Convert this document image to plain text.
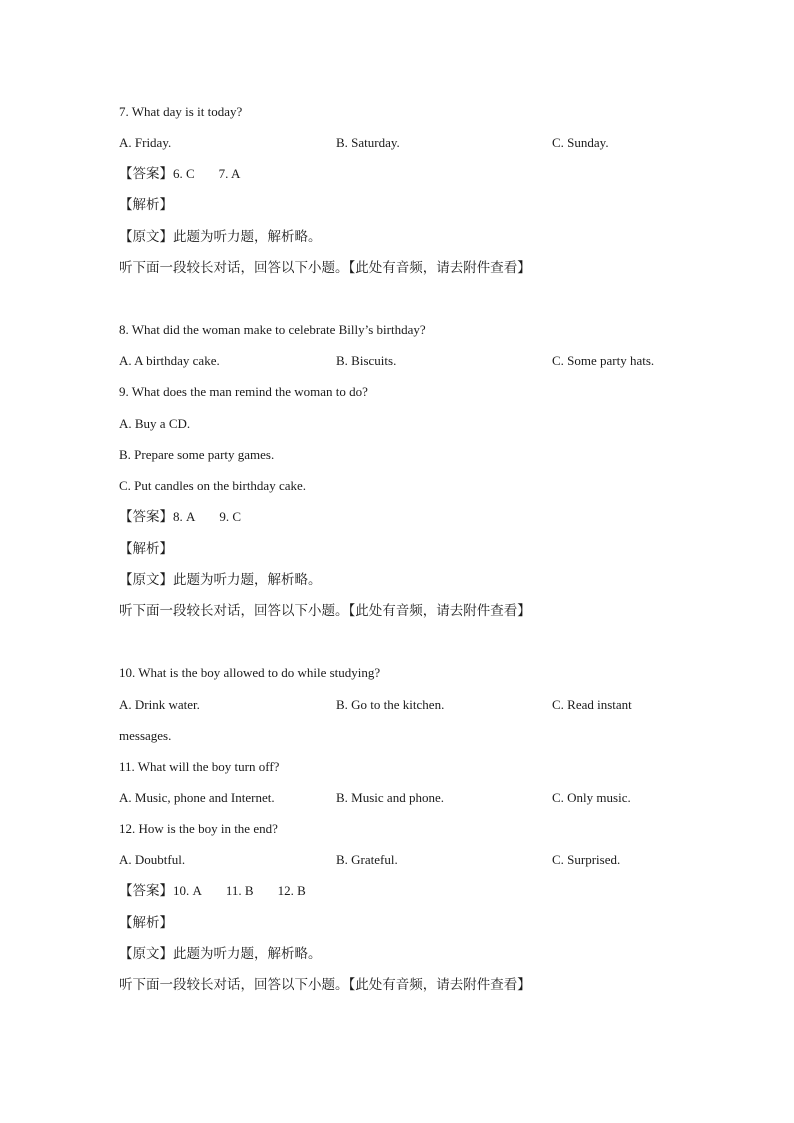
7. What day is it today?
A. Friday.	B. Saturday.	C. Sunday.
【答案】6. C 7. A
【解析】
【原文】此题为听力题，解析略。
听下面一段较长对话，回答以下小题。【此处有音频，请去附件查看】
8. What did the woman make to celebrate Billy’s birthday?
A. A birthday cake.	B. Biscuits.	C. Some party hats.
9. What does the man remind the woman to do?
A. Buy a CD.
B. Prepare some party games.
C. Put candles on the birthday cake.
【答案】8. A 9. C
【解析】
【原文】此题为听力题，解析略。
听下面一段较长对话，回答以下小题。【此处有音频，请去附件查看】
10. What is the boy allowed to do while studying?
A. Drink water.	B. Go to the kitchen.	C. Read instant
messages.
11. What will the boy turn off?
A. Music, phone and Internet.	B. Music and phone.	C. Only music.
12. How is the boy in the end?
A. Doubtful.	B. Grateful.	C. Surprised.
【答案】10. A 11. B 12. B
【解析】
【原文】此题为听力题，解析略。
听下面一段较长对话，回答以下小题。【此处有音频，请去附件查看】
